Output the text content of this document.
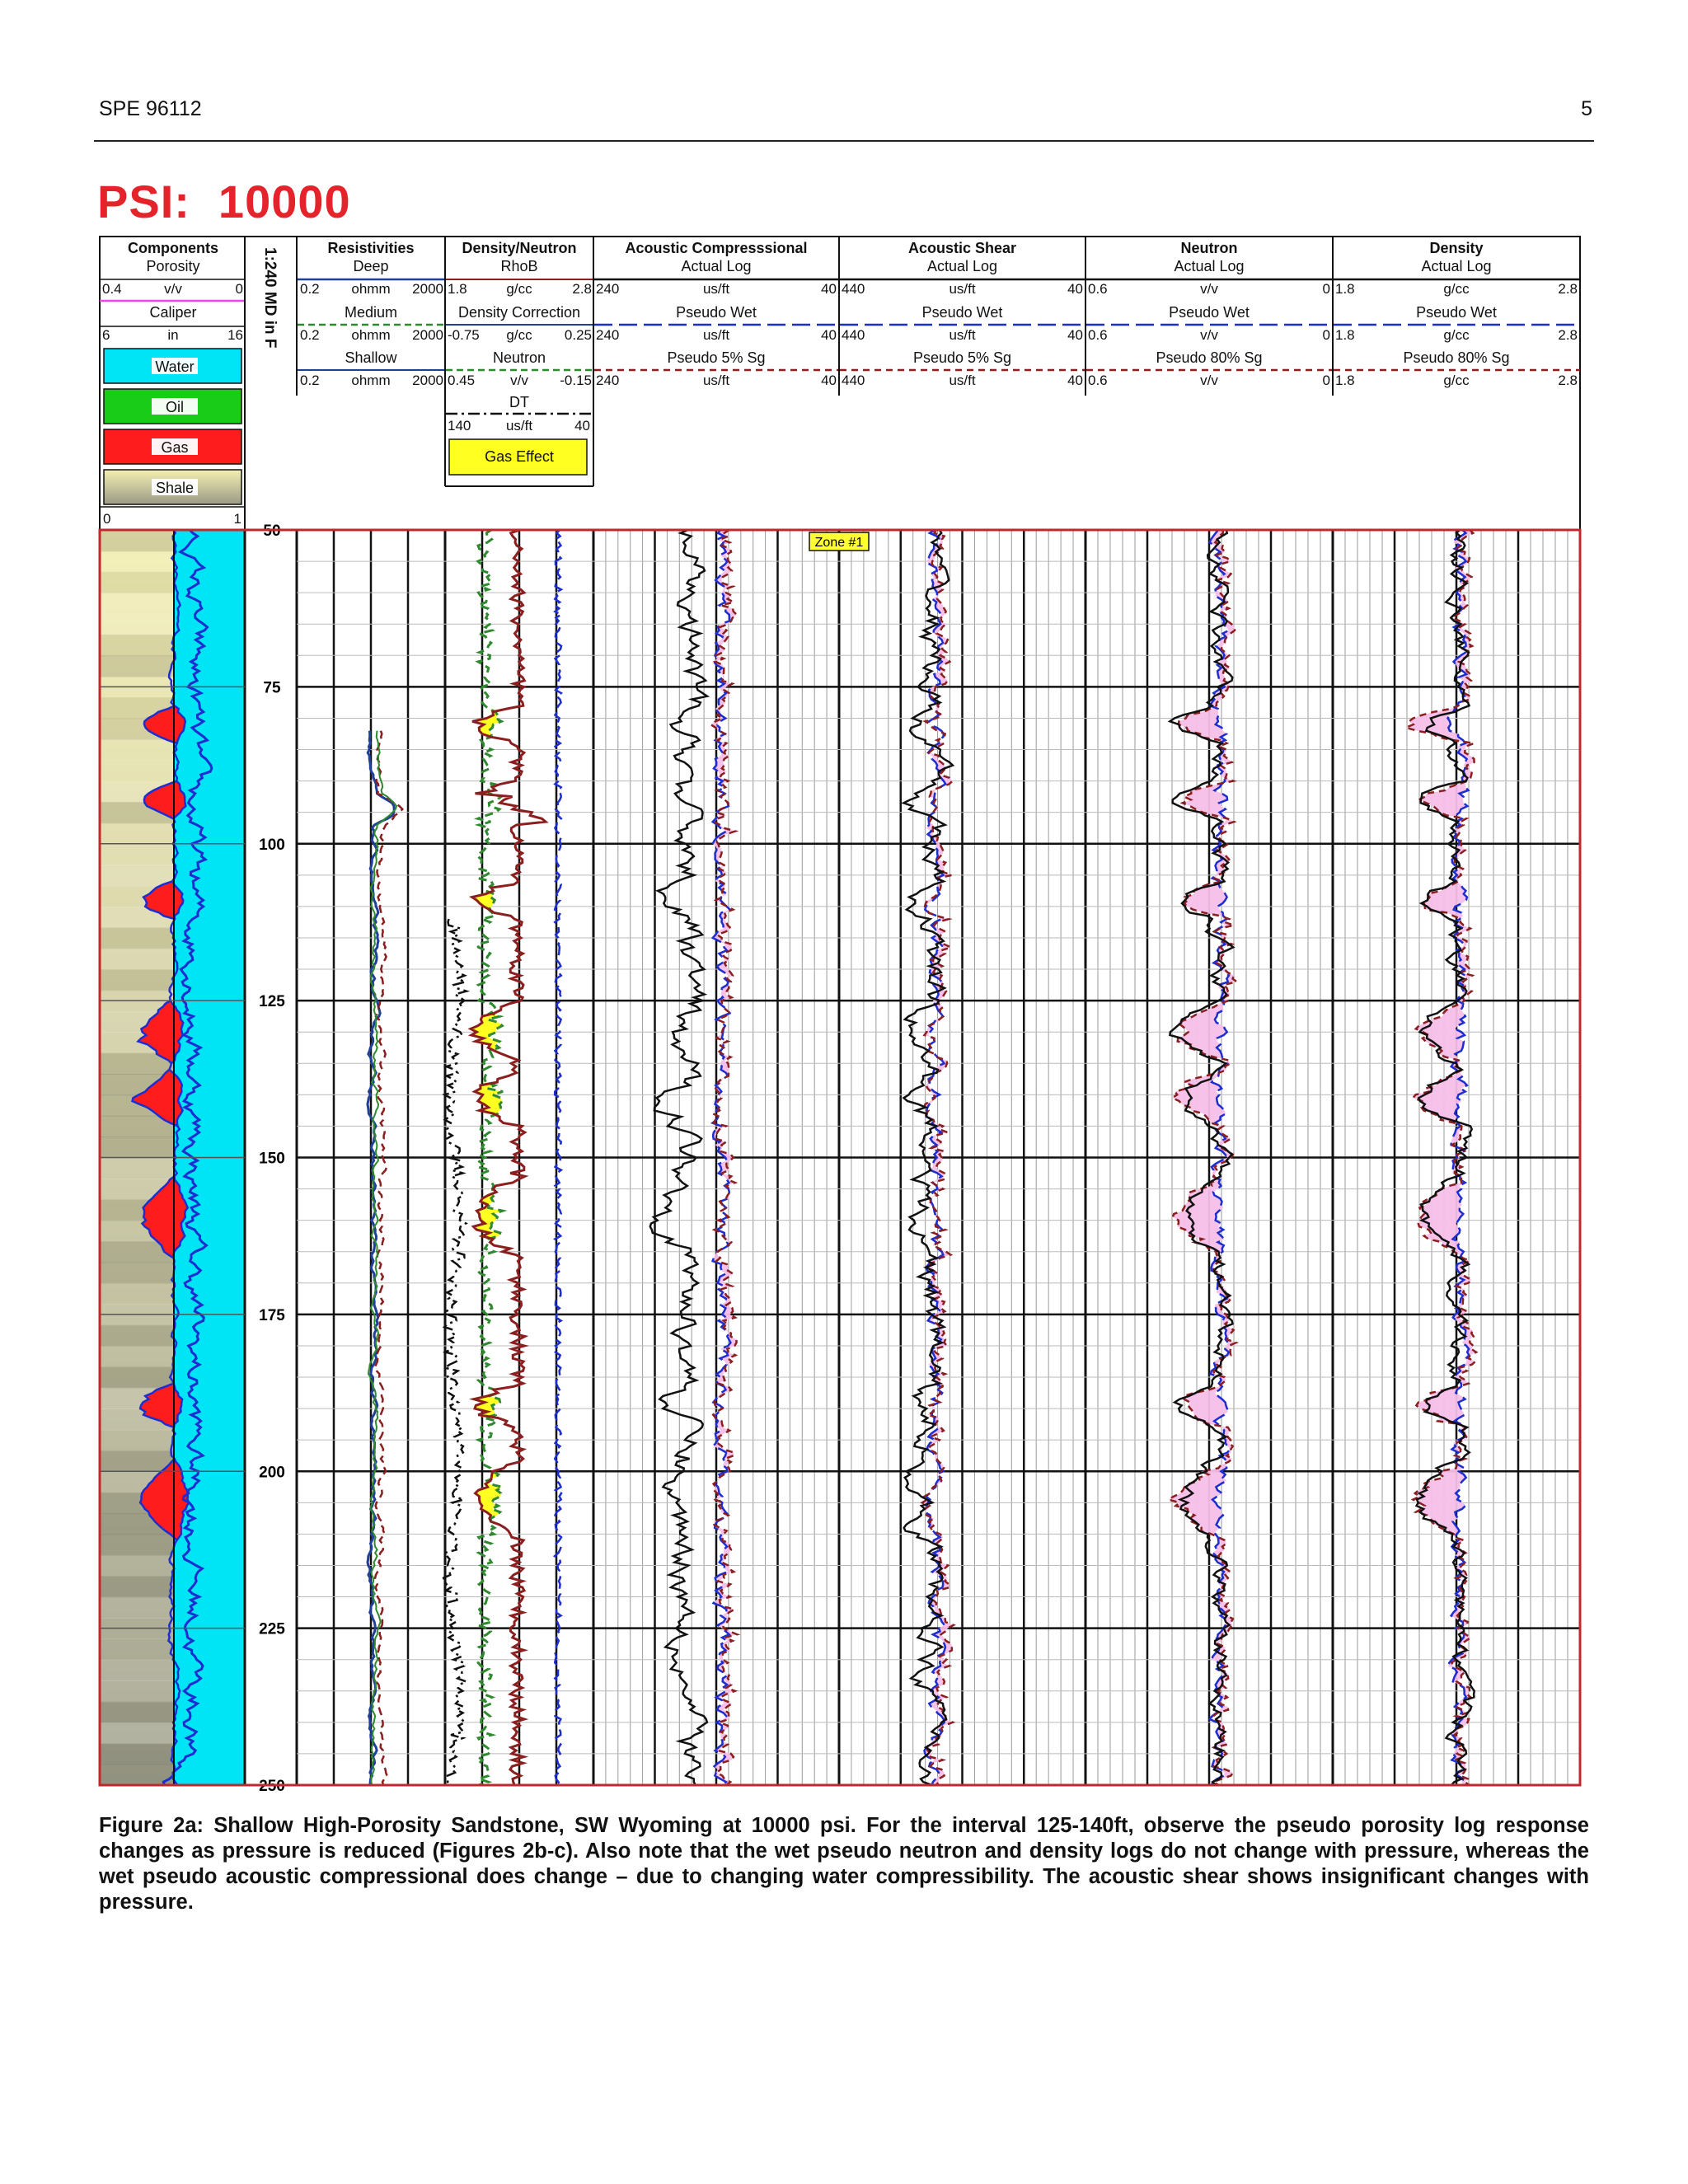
SPE 96112	5
PSI: 10000
Components
Porosity
0.4	v/v	0
Caliper
6	in	16
Water
Oil
Gas
Shale
0	1
1:240 MD in F	Resistivities
Deep
0.2 ohmm 2000
Medium
0.2 ohmm 2000
Shallow
0.2 ohmm 2000
Density/Neutron
RhoB
1.8	g/cc	2.8
Density Correction
-0.75 g/cc 0.25
Neutron
0.45	v/v -0.15
DT
140	us/ft	40
Gas Effect
Acoustic Compresssional
Actual Log
240	us/ft	40
Pseudo Wet
240	us/ft	40
Pseudo 5% Sg
240	us/ft	40
Acoustic Shear
Actual Log
440	us/ft	40
Pseudo Wet
440	us/ft	40
Pseudo 5% Sg
440	us/ft	40
Neutron
Actual Log
0.6	v/v	0
Pseudo Wet
0.6	v/v	0
Pseudo 80% Sg
0.6	v/v	0
Density
Actual Log
1.8	g/cc	2.8
Pseudo Wet
1.8	g/cc	2.8
Pseudo 80% Sg
1.8	g/cc	2.8
50
75
100
125
150
175
200
225
250
Zone #1
Figure 2a: Shallow High-Porosity Sandstone, SW Wyoming at 10000 psi. For the interval 125-140ft, observe the pseudo porosity log response changes as pressure is reduced (Figures 2b-c). Also note that the wet pseudo neutron and density logs do not change with pressure, whereas the wet pseudo acoustic compressional does change – due to changing water compressibility. The acoustic shear shows insignificant changes with pressure.
